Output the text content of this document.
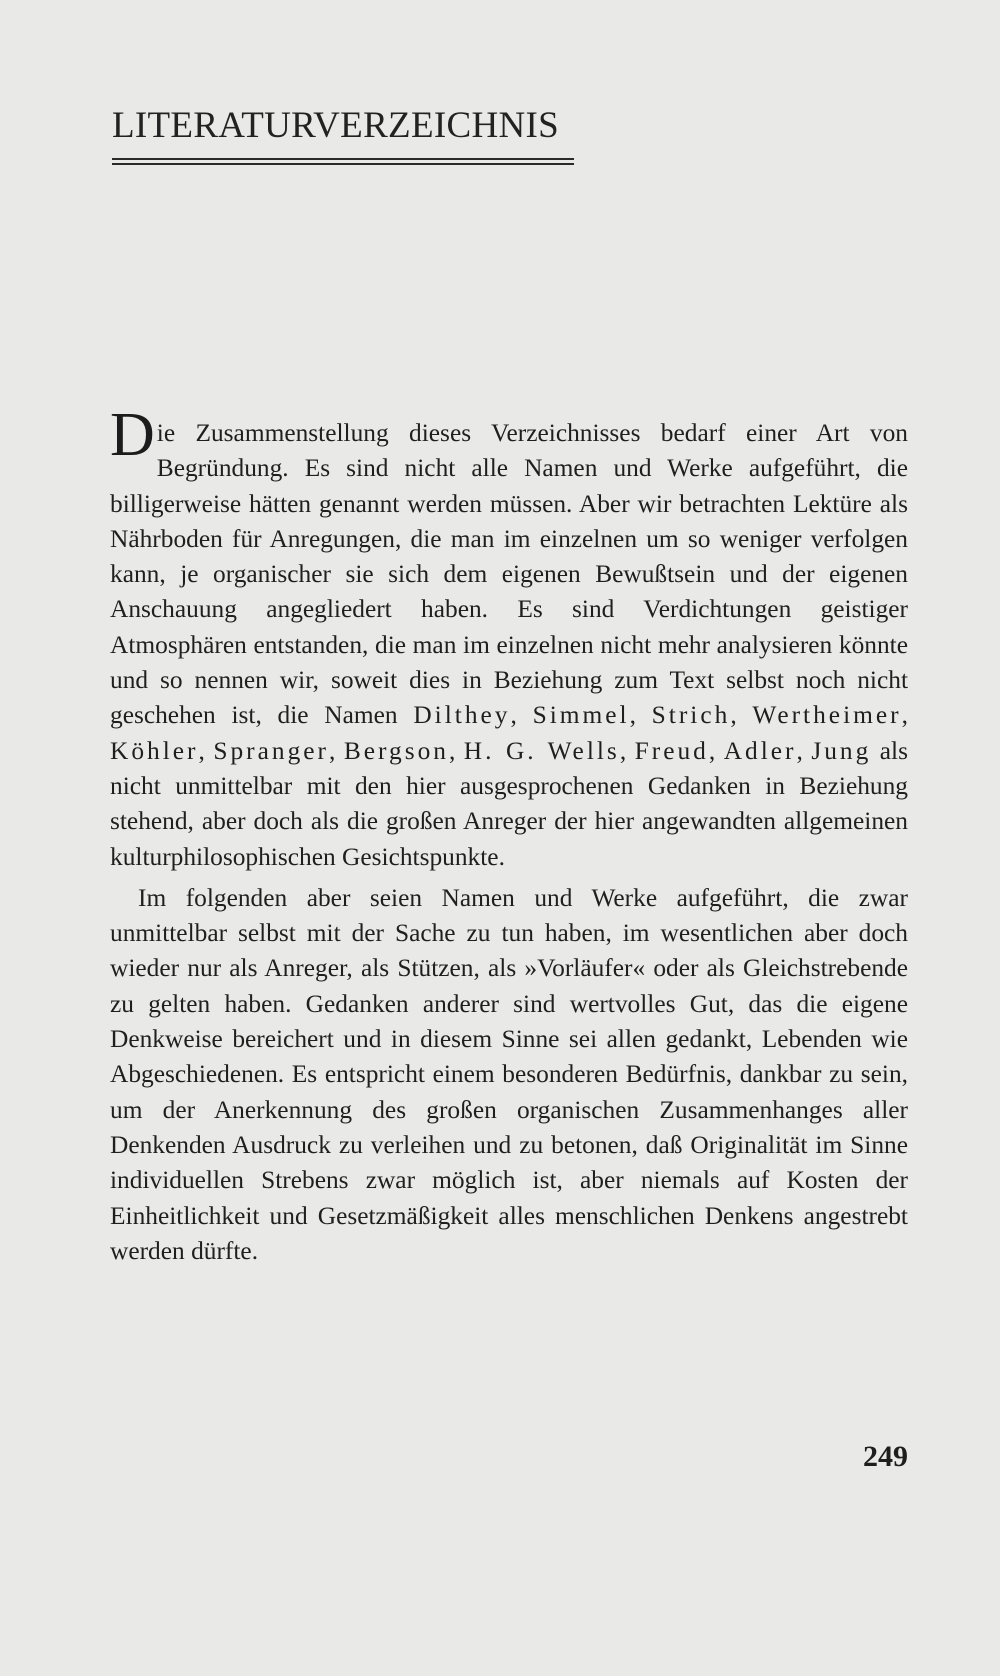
LITERATURVERZEICHNIS

Die Zusammenstellung dieses Verzeichnisses bedarf einer Art von Begründung. Es sind nicht alle Namen und Werke aufgeführt, die billigerweise hätten genannt werden müssen. Aber wir betrachten Lektüre als Nährboden für Anregungen, die man im einzelnen um so weniger verfolgen kann, je organischer sie sich dem eigenen Bewußtsein und der eigenen Anschauung angegliedert haben. Es sind Verdichtungen geistiger Atmosphären entstanden, die man im einzelnen nicht mehr analysieren könnte und so nennen wir, soweit dies in Beziehung zum Text selbst noch nicht geschehen ist, die Namen Dilthey, Simmel, Strich, Wertheimer, Köhler, Spranger, Bergson, H. G. Wells, Freud, Adler, Jung als nicht unmittelbar mit den hier ausgesprochenen Gedanken in Beziehung stehend, aber doch als die großen Anreger der hier angewandten allgemeinen kulturphilosophischen Gesichtspunkte.

Im folgenden aber seien Namen und Werke aufgeführt, die zwar unmittelbar selbst mit der Sache zu tun haben, im wesentlichen aber doch wieder nur als Anreger, als Stützen, als »Vorläufer« oder als Gleichstrebende zu gelten haben. Gedanken anderer sind wertvolles Gut, das die eigene Denkweise bereichert und in diesem Sinne sei allen gedankt, Lebenden wie Abgeschiedenen. Es entspricht einem besonderen Bedürfnis, dankbar zu sein, um der Anerkennung des großen organischen Zusammenhanges aller Denkenden Ausdruck zu verleihen und zu betonen, daß Originalität im Sinne individuellen Strebens zwar möglich ist, aber niemals auf Kosten der Einheitlichkeit und Gesetzmäßigkeit alles menschlichen Denkens angestrebt werden dürfte.

249
